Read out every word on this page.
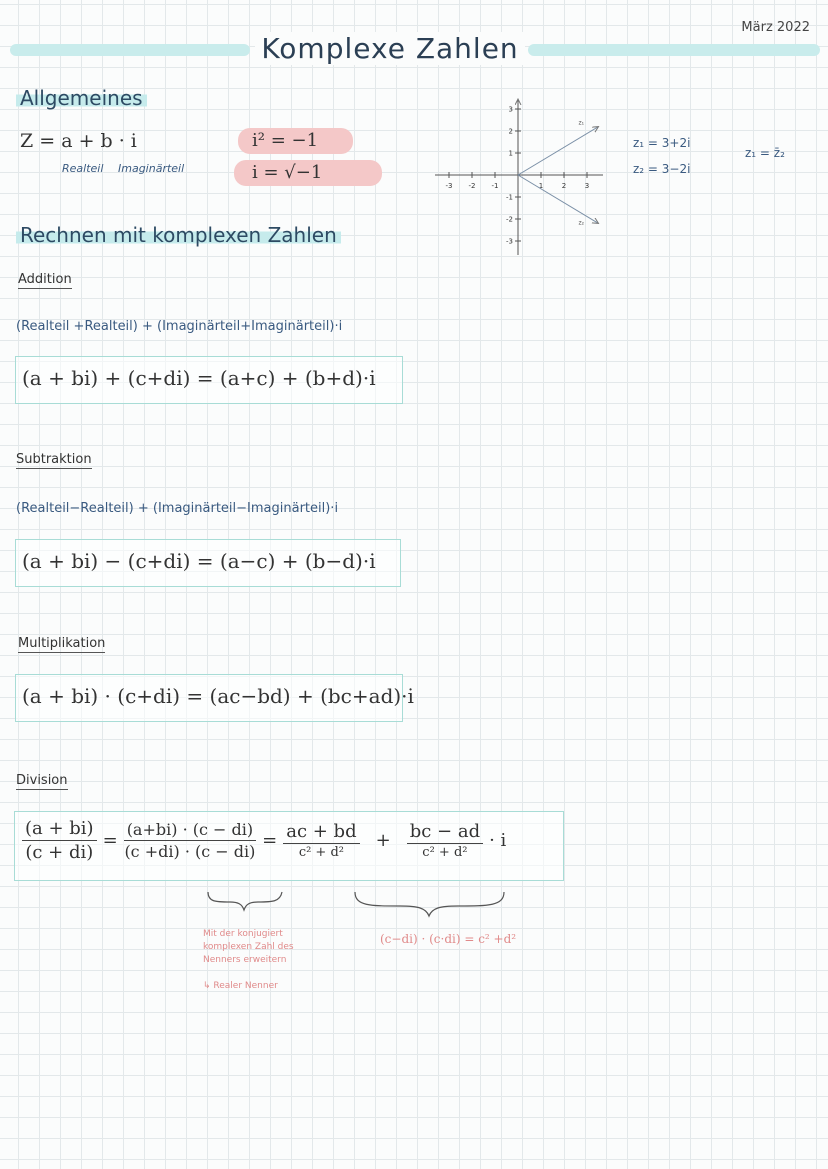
März 2022
Komplexe Zahlen
Allgemeines
Z = a + b · i
Realteil Imaginärteil
i² = −1
i = √−1
-3 -2 -1	1	2	3
3
2
1
-1
-2
-3
z₁
z₂
z₁ = 3+2i
z₂ = 3−2i
z₁ = z̄₂
Rechnen mit komplexen Zahlen
Addition
(Realteil +Realteil) + (Imaginärteil+Imaginärteil)·i
(a + bi) + (c+di) = (a+c) + (b+d)·i
Subtraktion
(Realteil−Realteil) + (Imaginärteil−Imaginärteil)·i
(a + bi) − (c+di) = (a−c) + (b−d)·i
Multiplikation
(a + bi) · (c+di) = (ac−bd) + (bc+ad)·i
Division
$\frac{(a + bi)}{(c + di)} = \frac{(a+bi) \cdot (c - di)}{(c +di) \cdot (c - di)} = \frac{ac + bd}{\text{c² + d²}} + \frac{bc - ad}{\text{c² + d²}} \cdot i$
Mit der konjugiert
komplexen Zahl des
Nenners erweitern
↳ Realer Nenner
(c−di) · (c·di) = c² +d²
